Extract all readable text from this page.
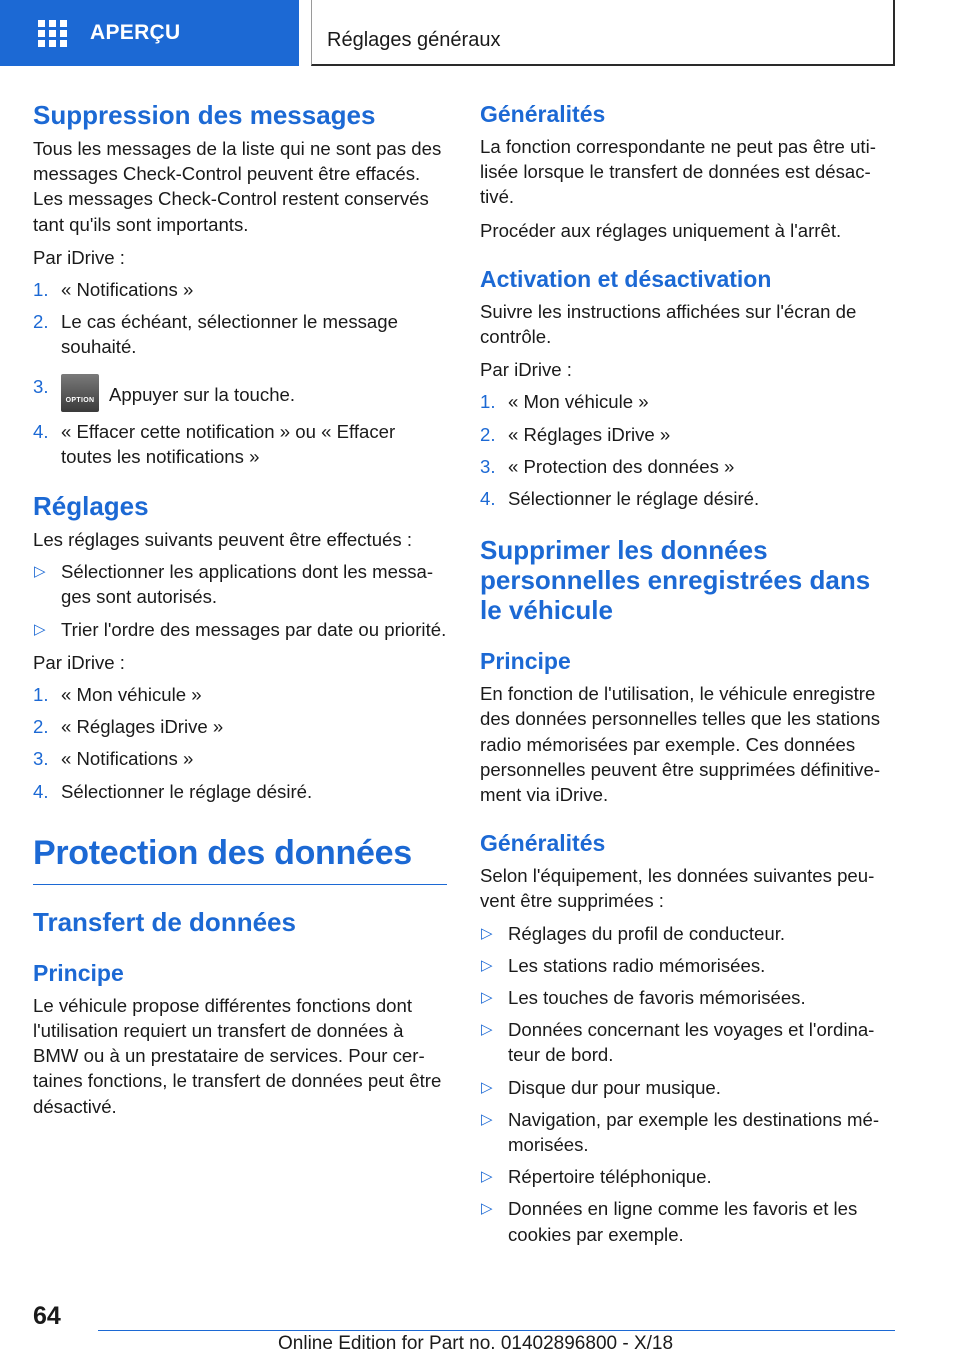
APERÇU	Réglages généraux
Suppression des messages

Tous les messages de la liste qui ne sont pas des messages Check-Control peuvent être effacés. Les messages Check-Control restent conservés tant qu'ils sont importants.

Par iDrive :

1. « Notifications »
2. Le cas échéant, sélectionner le message souhaité.
3.
OPTION Appuyer sur la touche.
4. « Effacer cette notification » ou « Effacer toutes les notifications »
Réglages

Les réglages suivants peuvent être effectués :

▷ Sélectionner les applications dont les messages sont autorisés.
▷ Trier l'ordre des messages par date ou priorité.

Par iDrive :

1. « Mon véhicule »
2. « Réglages iDrive »
3. « Notifications »
4. Sélectionner le réglage désiré.
Protection des données
Transfert de données
Principe

Le véhicule propose différentes fonctions dont l'utilisation requiert un transfert de données à BMW ou à un prestataire de services. Pour certaines fonctions, le transfert de données peut être désactivé.

Généralités

La fonction correspondante ne peut pas être utilisée lorsque le transfert de données est désactivé.

Procéder aux réglages uniquement à l'arrêt.

Activation et désactivation

Suivre les instructions affichées sur l'écran de contrôle.

Par iDrive :

1. « Mon véhicule »
2. « Réglages iDrive »
3. « Protection des données »
4. Sélectionner le réglage désiré.
Supprimer les données personnelles enregistrées dans le véhicule
Principe

En fonction de l'utilisation, le véhicule enregistre des données personnelles telles que les stations radio mémorisées par exemple. Ces données personnelles peuvent être supprimées définitivement via iDrive.

Généralités

Selon l'équipement, les données suivantes peuvent être supprimées :

▷ Réglages du profil de conducteur.
▷ Les stations radio mémorisées.
▷ Les touches de favoris mémorisées.
▷ Données concernant les voyages et l'ordinateur de bord.
▷ Disque dur pour musique.
▷ Navigation, par exemple les destinations mémorisées.
▷ Répertoire téléphonique.
▷ Données en ligne comme les favoris et les cookies par exemple.
64
Online Edition for Part no. 01402896800 - X/18
